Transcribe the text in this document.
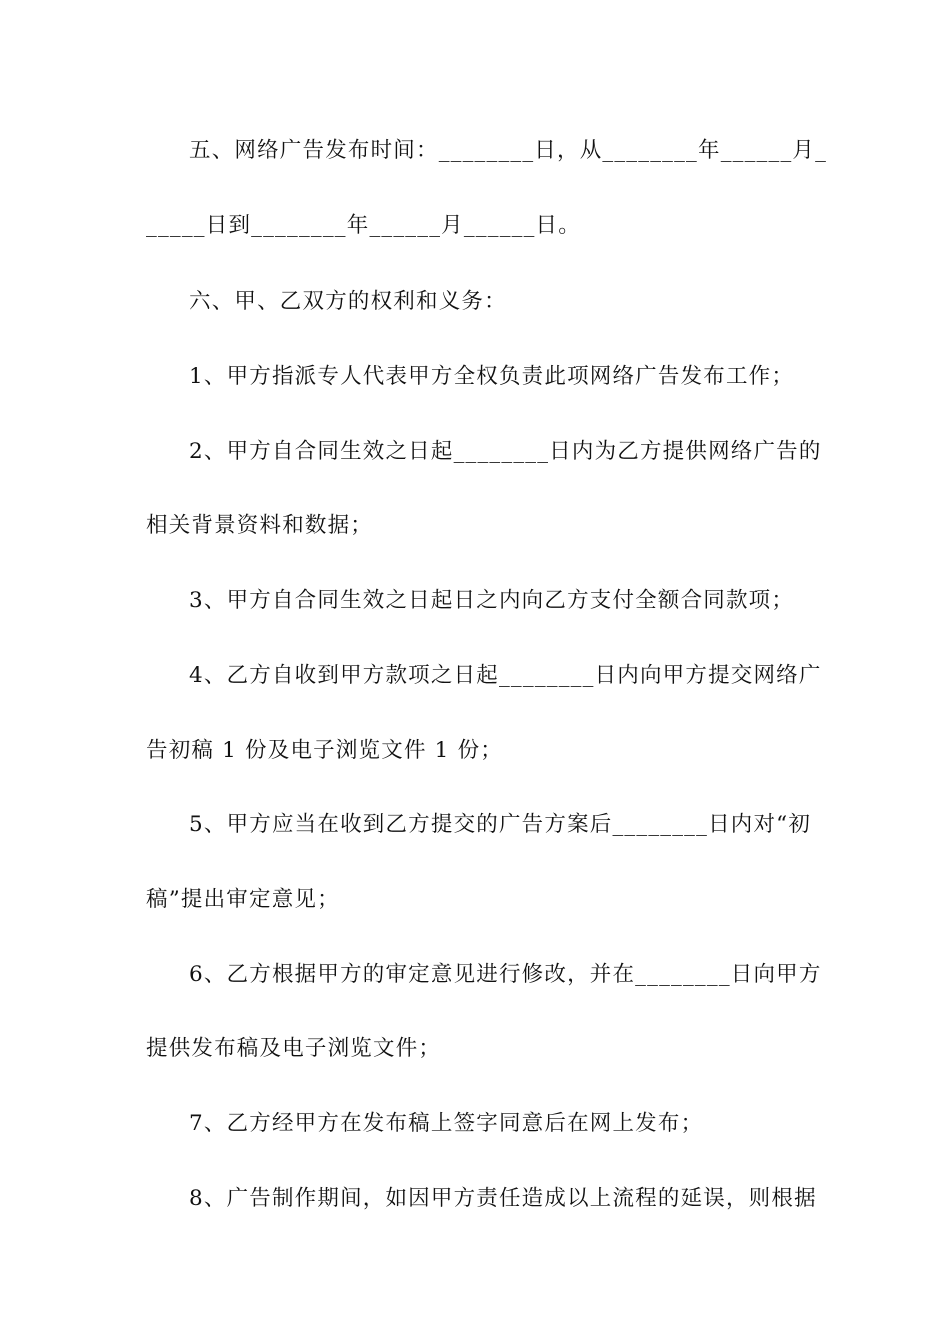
五、网络广告发布时间：________日，从________年______月_
_____日到________年______月______日。
六、甲、乙双方的权利和义务：
1、甲方指派专人代表甲方全权负责此项网络广告发布工作；
2、甲方自合同生效之日起________日内为乙方提供网络广告的
相关背景资料和数据；
3、甲方自合同生效之日起日之内向乙方支付全额合同款项；
4、乙方自收到甲方款项之日起________日内向甲方提交网络广
告初稿 1 份及电子浏览文件 1 份；
5、甲方应当在收到乙方提交的广告方案后________日内对“初
稿”提出审定意见；
6、乙方根据甲方的审定意见进行修改，并在________日向甲方
提供发布稿及电子浏览文件；
7、乙方经甲方在发布稿上签字同意后在网上发布；
8、广告制作期间，如因甲方责任造成以上流程的延误，则根据
